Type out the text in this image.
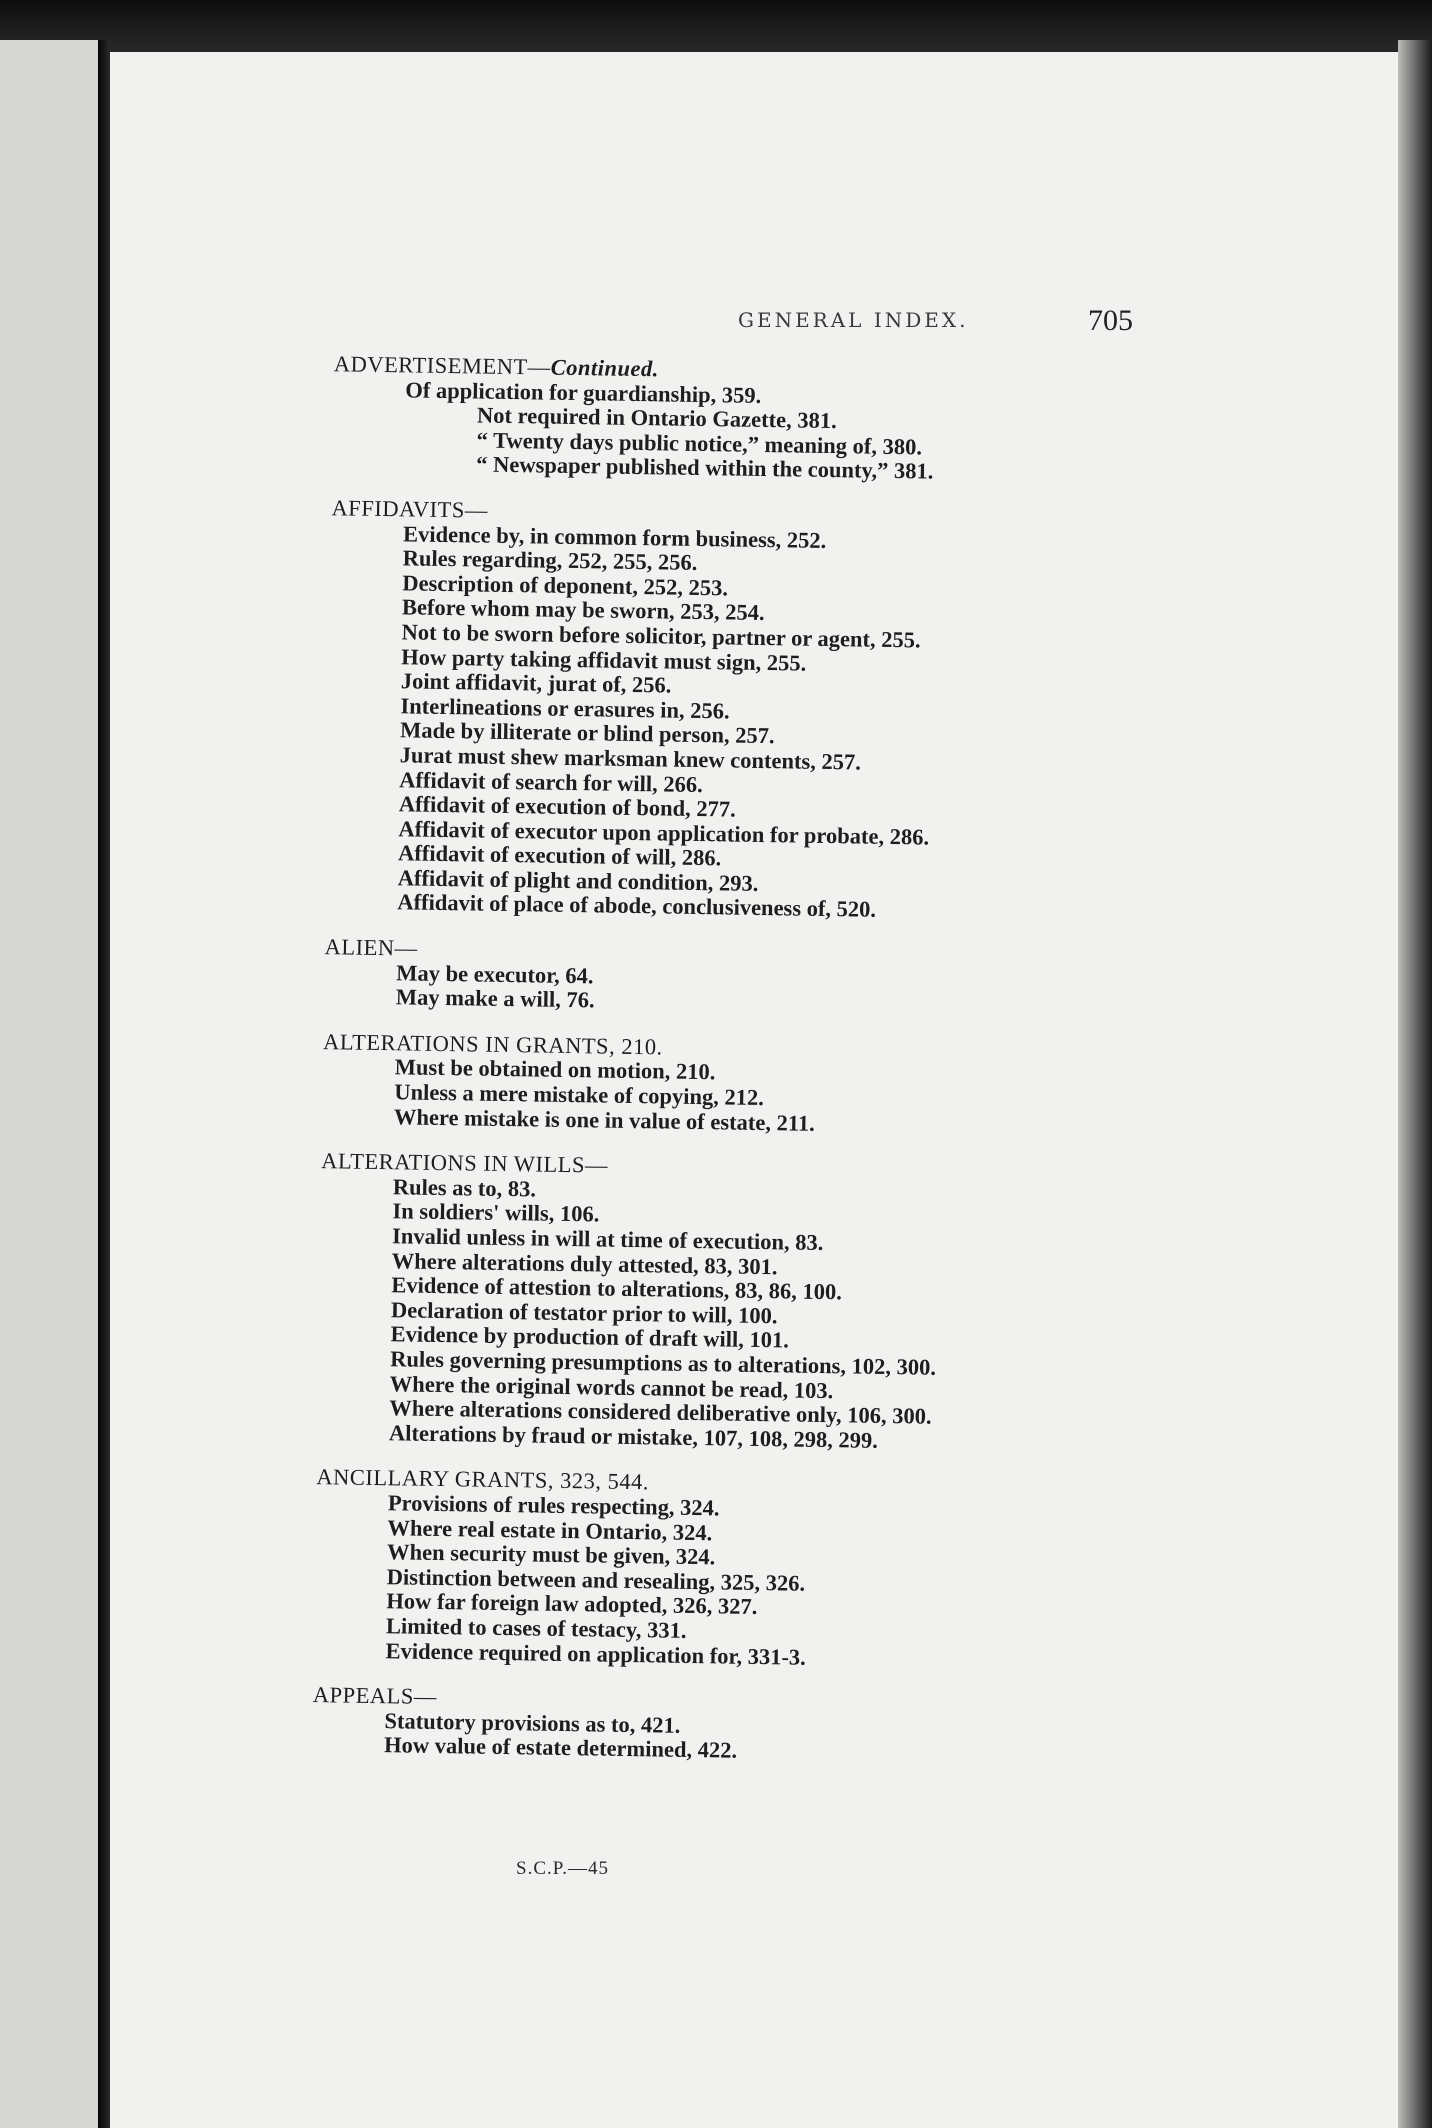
GENERAL INDEX.	705
ADVERTISEMENT—Continued.
Of application for guardianship, 359.
Not required in Ontario Gazette, 381.
“ Twenty days public notice,” meaning of, 380.
“ Newspaper published within the county,” 381.
AFFIDAVITS—
Evidence by, in common form business, 252.
Rules regarding, 252, 255, 256.
Description of deponent, 252, 253.
Before whom may be sworn, 253, 254.
Not to be sworn before solicitor, partner or agent, 255.
How party taking affidavit must sign, 255.
Joint affidavit, jurat of, 256.
Interlineations or erasures in, 256.
Made by illiterate or blind person, 257.
Jurat must shew marksman knew contents, 257.
Affidavit of search for will, 266.
Affidavit of execution of bond, 277.
Affidavit of executor upon application for probate, 286.
Affidavit of execution of will, 286.
Affidavit of plight and condition, 293.
Affidavit of place of abode, conclusiveness of, 520.
ALIEN—
May be executor, 64.
May make a will, 76.
ALTERATIONS IN GRANTS, 210.
Must be obtained on motion, 210.
Unless a mere mistake of copying, 212.
Where mistake is one in value of estate, 211.
ALTERATIONS IN WILLS—
Rules as to, 83.
In soldiers' wills, 106.
Invalid unless in will at time of execution, 83.
Where alterations duly attested, 83, 301.
Evidence of attestion to alterations, 83, 86, 100.
Declaration of testator prior to will, 100.
Evidence by production of draft will, 101.
Rules governing presumptions as to alterations, 102, 300.
Where the original words cannot be read, 103.
Where alterations considered deliberative only, 106, 300.
Alterations by fraud or mistake, 107, 108, 298, 299.
ANCILLARY GRANTS, 323, 544.
Provisions of rules respecting, 324.
Where real estate in Ontario, 324.
When security must be given, 324.
Distinction between and resealing, 325, 326.
How far foreign law adopted, 326, 327.
Limited to cases of testacy, 331.
Evidence required on application for, 331-3.
APPEALS—
Statutory provisions as to, 421.
How value of estate determined, 422.
S.C.P.—45
